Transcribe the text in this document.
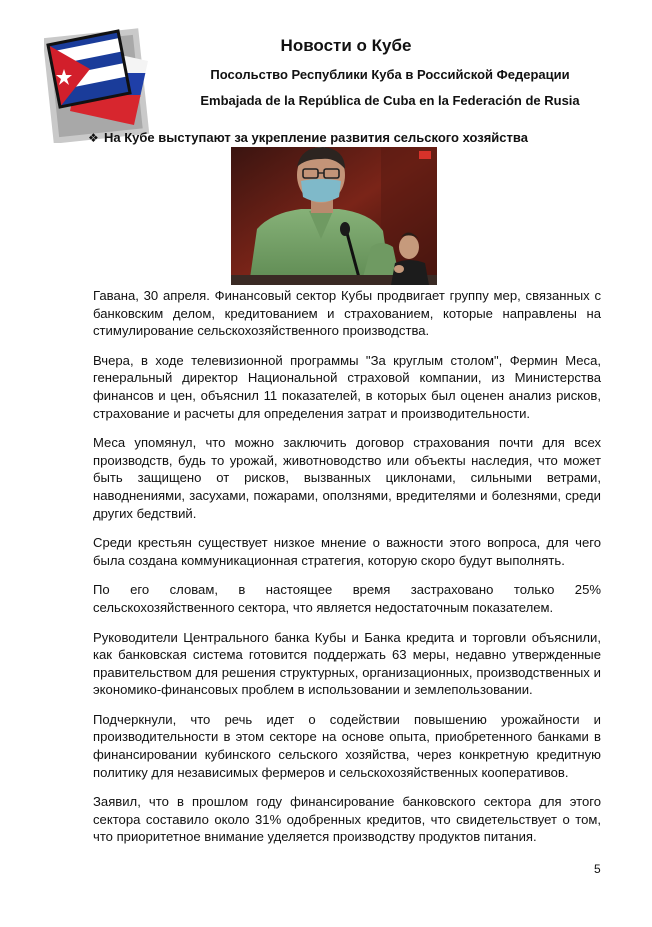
Новости о Кубе
Посольство Республики Куба в Российской Федерации
Embajada de la República de Cuba en la Federación de Rusia
❖ На Кубе выступают за укрепление развития сельского хозяйства

Гавана, 30 апреля. Финансовый сектор Кубы продвигает группу мер, связанных с банковским делом, кредитованием и страхованием, которые направлены на стимулирование сельскохозяйственного производства.

Вчера, в ходе телевизионной программы "За круглым столом", Фермин Меса, генеральный директор Национальной страховой компании, из Министерства финансов и цен, объяснил 11 показателей, в которых был оценен анализ рисков, страхование и расчеты для определения затрат и производительности.

Меса упомянул, что можно заключить договор страхования почти для всех производств, будь то урожай, животноводство или объекты наследия, что может быть защищено от рисков, вызванных циклонами, сильными ветрами, наводнениями, засухами, пожарами, оползнями, вредителями и болезнями, среди других бедствий.

Среди крестьян существует низкое мнение о важности этого вопроса, для чего была создана коммуникационная стратегия, которую скоро будут выполнять.

По его словам, в настоящее время застраховано только 25% сельскохозяйственного сектора, что является недостаточным показателем.

Руководители Центрального банка Кубы и Банка кредита и торговли объяснили, как банковская система готовится поддержать 63 меры, недавно утвержденные правительством для решения структурных, организационных, производственных и экономико-финансовых проблем в использовании и землепользовании.

Подчеркнули, что речь идет о содействии повышению урожайности и производительности в этом секторе на основе опыта, приобретенного банками в финансировании кубинского сельского хозяйства, через конкретную кредитную политику для независимых фермеров и сельскохозяйственных кооперативов.

Заявил, что в прошлом году финансирование банковского сектора для этого сектора составило около 31% одобренных кредитов, что свидетельствует о том, что приоритетное внимание уделяется производству продуктов питания.

5
